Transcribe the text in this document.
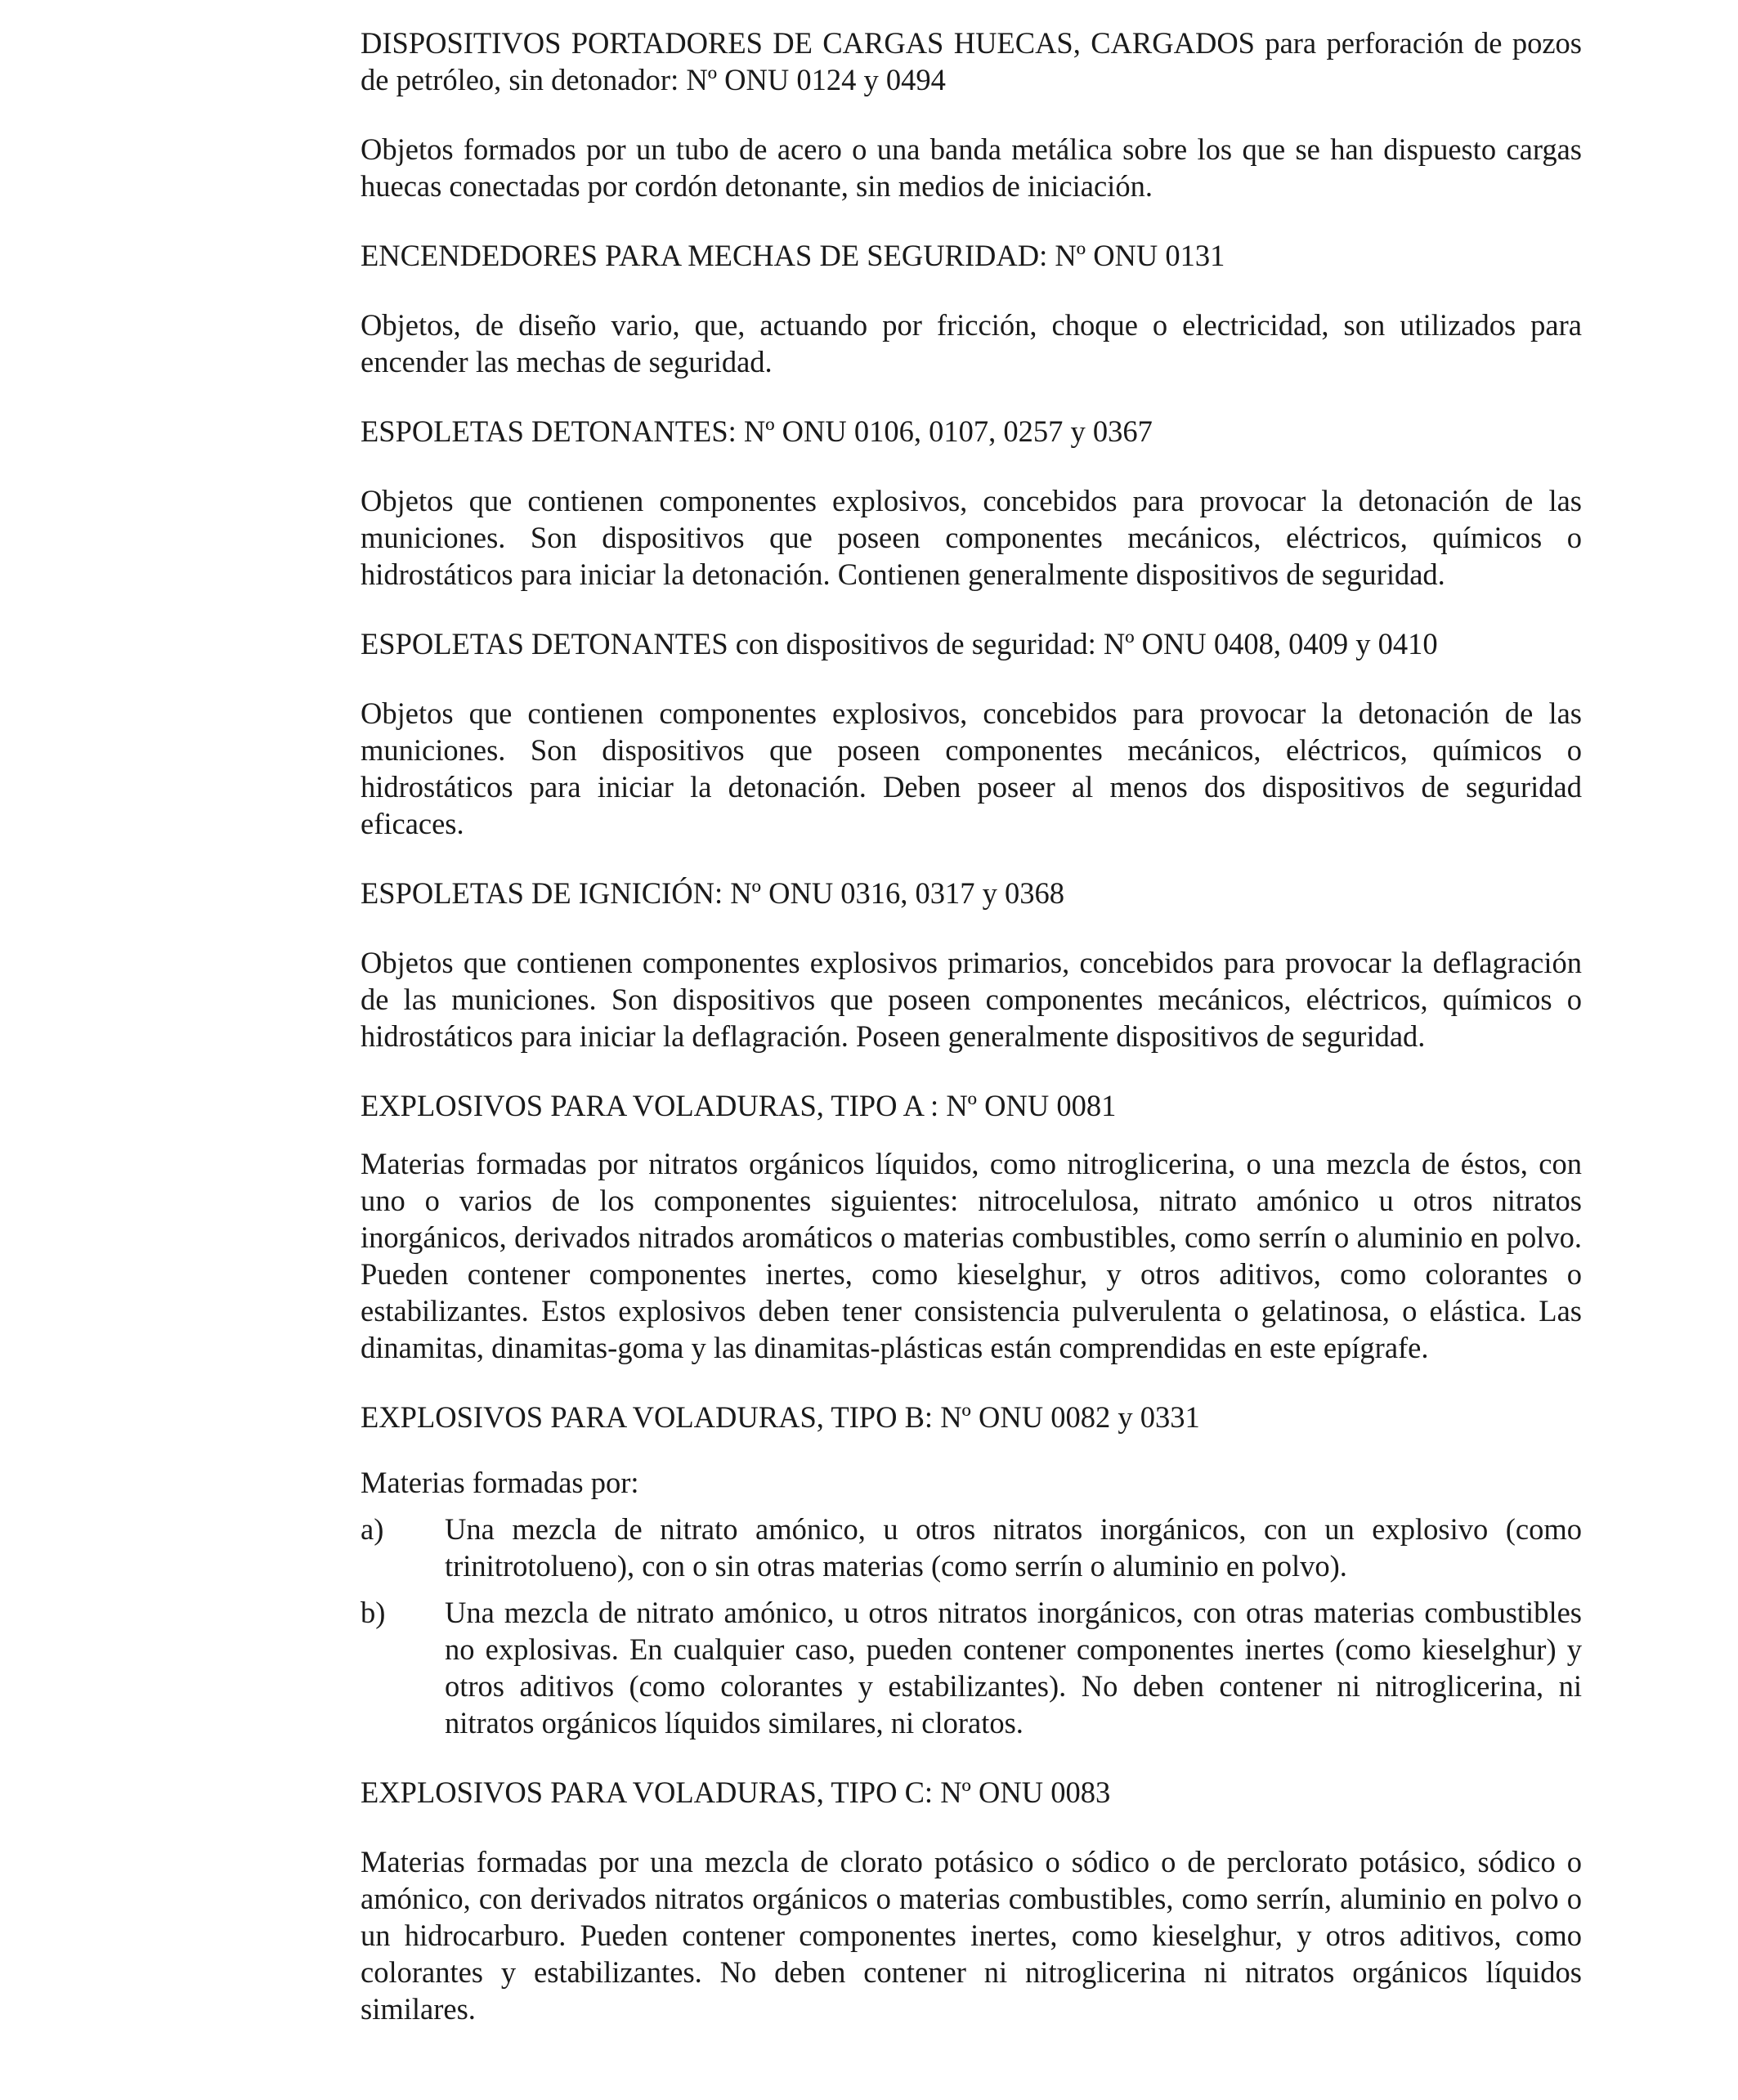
DISPOSITIVOS PORTADORES DE CARGAS HUECAS, CARGADOS para perforación de pozos de petróleo, sin detonador: Nº ONU 0124 y 0494

Objetos formados por un tubo de acero o una banda metálica sobre los que se han dispuesto cargas huecas conectadas por cordón detonante, sin medios de iniciación.

ENCENDEDORES PARA MECHAS DE SEGURIDAD: Nº ONU 0131

Objetos, de diseño vario, que, actuando por fricción, choque o electricidad, son utilizados para encender las mechas de seguridad.

ESPOLETAS DETONANTES: Nº ONU 0106, 0107, 0257 y 0367

Objetos que contienen componentes explosivos, concebidos para provocar la detonación de las municiones. Son dispositivos que poseen componentes mecánicos, eléctricos, químicos o hidrostáticos para iniciar la detonación. Contienen generalmente dispositivos de seguridad.

ESPOLETAS DETONANTES con dispositivos de seguridad: Nº ONU 0408, 0409 y 0410

Objetos que contienen componentes explosivos, concebidos para provocar la detonación de las municiones. Son dispositivos que poseen componentes mecánicos, eléctricos, químicos o hidrostáticos para iniciar la detonación. Deben poseer al menos dos dispositivos de seguridad eficaces.

ESPOLETAS DE IGNICIÓN: Nº ONU 0316, 0317 y 0368

Objetos que contienen componentes explosivos primarios, concebidos para provocar la deflagración de las municiones. Son dispositivos que poseen componentes mecánicos, eléctricos, químicos o hidrostáticos para iniciar la deflagración. Poseen generalmente dispositivos de seguridad.

EXPLOSIVOS PARA VOLADURAS, TIPO A : Nº ONU 0081

Materias formadas por nitratos orgánicos líquidos, como nitroglicerina, o una mezcla de éstos, con uno o varios de los componentes siguientes: nitrocelulosa, nitrato amónico u otros nitratos inorgánicos, derivados nitrados aromáticos o materias combustibles, como serrín o aluminio en polvo. Pueden contener componentes inertes, como kieselghur, y otros aditivos, como colorantes o estabilizantes. Estos explosivos deben tener consistencia pulverulenta o gelatinosa, o elástica. Las dinamitas, dinamitas-goma y las dinamitas-plásticas están comprendidas en este epígrafe.

EXPLOSIVOS PARA VOLADURAS, TIPO B: Nº ONU 0082 y 0331

Materias formadas por:

a)	Una mezcla de nitrato amónico, u otros nitratos inorgánicos, con un explosivo (como trinitrotolueno), con o sin otras materias (como serrín o aluminio en polvo).
b)	Una mezcla de nitrato amónico, u otros nitratos inorgánicos, con otras materias combustibles no explosivas. En cualquier caso, pueden contener componentes inertes (como kieselghur) y otros aditivos (como colorantes y estabilizantes). No deben contener ni nitroglicerina, ni nitratos orgánicos líquidos similares, ni cloratos.

EXPLOSIVOS PARA VOLADURAS, TIPO C: Nº ONU 0083

Materias formadas por una mezcla de clorato potásico o sódico o de perclorato potásico, sódico o amónico, con derivados nitratos orgánicos o materias combustibles, como serrín, aluminio en polvo o un hidrocarburo. Pueden contener componentes inertes, como kieselghur, y otros aditivos, como colorantes y estabilizantes. No deben contener ni nitroglicerina ni nitratos orgánicos líquidos similares.
